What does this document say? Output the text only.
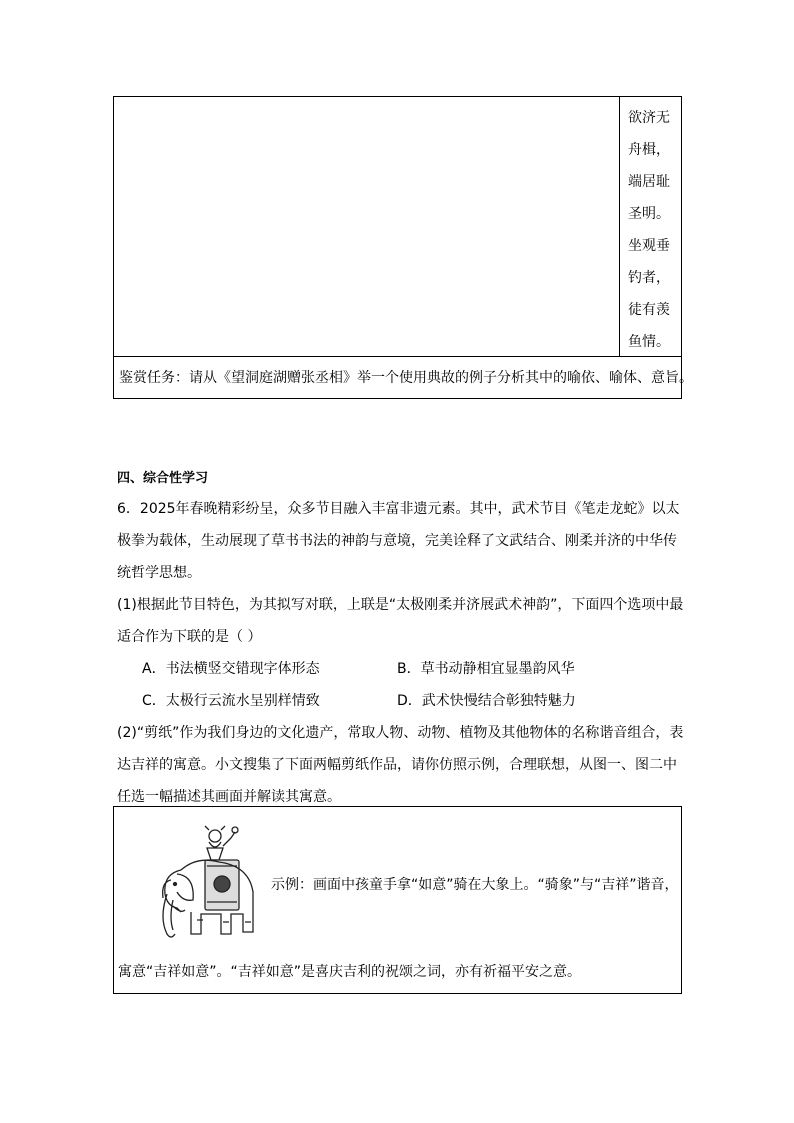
欲济无
舟楫，
端居耻
圣明。
坐观垂
钓者，
徒有羡
鱼情。
鉴赏任务：请从《望洞庭湖赠张丞相》举一个使用典故的例子分析其中的喻依、喻体、意旨。
四、综合性学习
6．2025年春晚精彩纷呈，众多节目融入丰富非遗元素。其中，武术节目《笔走龙蛇》以太
极拳为载体，生动展现了草书书法的神韵与意境，完美诠释了文武结合、刚柔并济的中华传
统哲学思想。
(1)根据此节目特色，为其拟写对联，上联是“太极刚柔并济展武术神韵”，下面四个选项中最
适合作为下联的是（ ）
A．书法横竖交错现字体形态	B．草书动静相宜显墨韵风华
C．太极行云流水呈别样情致	D．武术快慢结合彰独特魅力
(2)“剪纸”作为我们身边的文化遗产，常取人物、动物、植物及其他物体的名称谐音组合，表
达吉祥的寓意。小文搜集了下面两幅剪纸作品，请你仿照示例，合理联想，从图一、图二中
任选一幅描述其画面并解读其寓意。
示例：画面中孩童手拿“如意”骑在大象上。“骑象”与“吉祥”谐音，
寓意“吉祥如意”。“吉祥如意”是喜庆吉利的祝颂之词，亦有祈福平安之意。
